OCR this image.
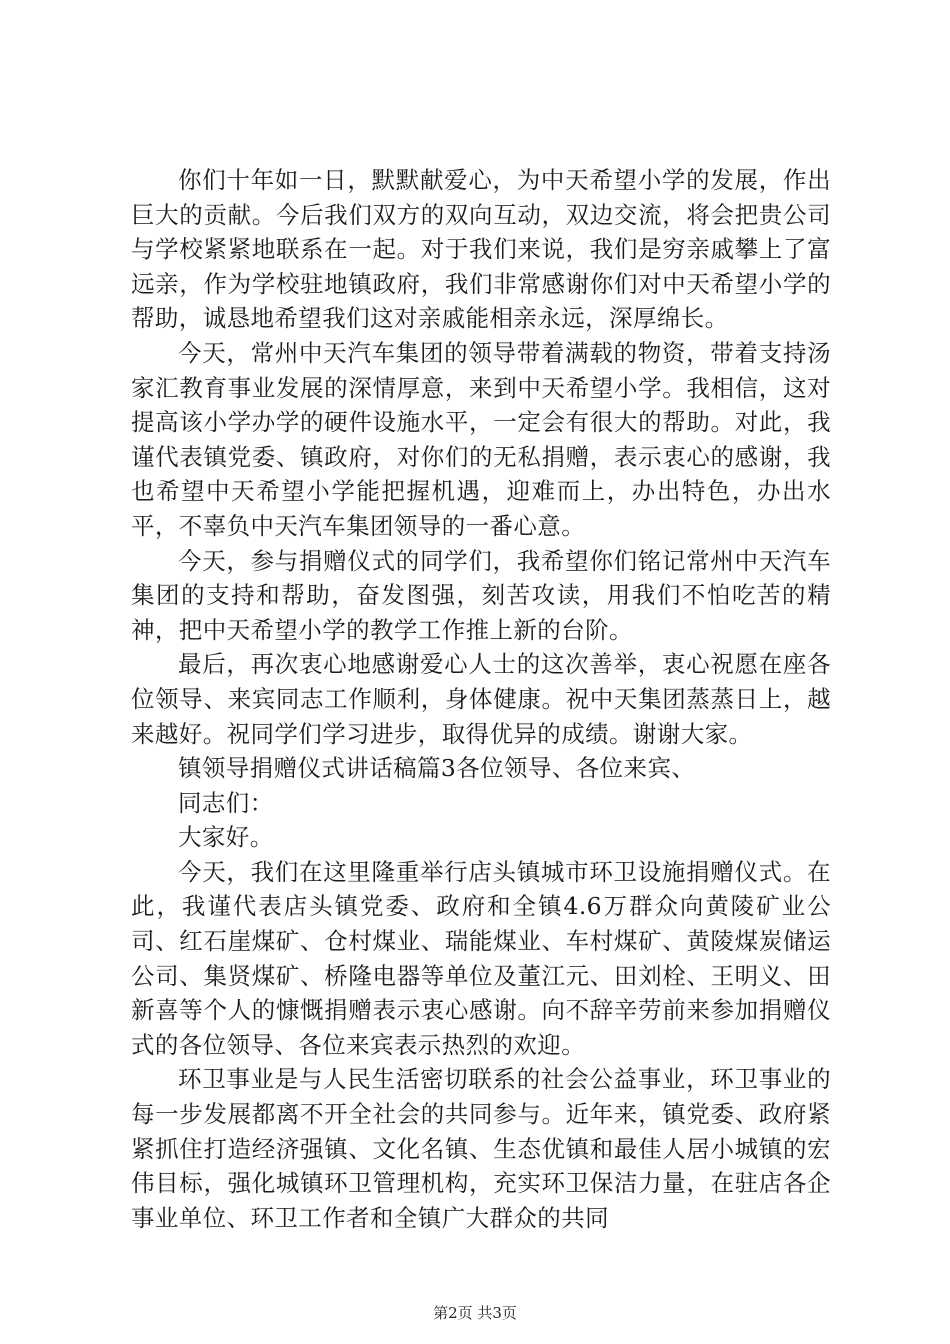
你们十年如一日，默默献爱心，为中天希望小学的发展，作出巨大的贡献。今后我们双方的双向互动，双边交流，将会把贵公司与学校紧紧地联系在一起。对于我们来说，我们是穷亲戚攀上了富远亲，作为学校驻地镇政府，我们非常感谢你们对中天希望小学的帮助，诚恳地希望我们这对亲戚能相亲永远，深厚绵长。

今天，常州中天汽车集团的领导带着满载的物资，带着支持汤家汇教育事业发展的深情厚意，来到中天希望小学。我相信，这对提高该小学办学的硬件设施水平，一定会有很大的帮助。对此，我谨代表镇党委、镇政府，对你们的无私捐赠，表示衷心的感谢，我也希望中天希望小学能把握机遇，迎难而上，办出特色，办出水平，不辜负中天汽车集团领导的一番心意。

今天，参与捐赠仪式的同学们，我希望你们铭记常州中天汽车集团的支持和帮助，奋发图强，刻苦攻读，用我们不怕吃苦的精神，把中天希望小学的教学工作推上新的台阶。

最后，再次衷心地感谢爱心人士的这次善举，衷心祝愿在座各位领导、来宾同志工作顺利，身体健康。祝中天集团蒸蒸日上，越来越好。祝同学们学习进步，取得优异的成绩。谢谢大家。

镇领导捐赠仪式讲话稿篇3各位领导、各位来宾、

同志们：

大家好。

今天，我们在这里隆重举行店头镇城市环卫设施捐赠仪式。在此，我谨代表店头镇党委、政府和全镇4.6万群众向黄陵矿业公司、红石崖煤矿、仓村煤业、瑞能煤业、车村煤矿、黄陵煤炭储运公司、集贤煤矿、桥隆电器等单位及董江元、田刘栓、王明义、田新喜等个人的慷慨捐赠表示衷心感谢。向不辞辛劳前来参加捐赠仪式的各位领导、各位来宾表示热烈的欢迎。

环卫事业是与人民生活密切联系的社会公益事业，环卫事业的每一步发展都离不开全社会的共同参与。近年来，镇党委、政府紧紧抓住打造经济强镇、文化名镇、生态优镇和最佳人居小城镇的宏伟目标，强化城镇环卫管理机构，充实环卫保洁力量，在驻店各企事业单位、环卫工作者和全镇广大群众的共同

第2页 共3页
